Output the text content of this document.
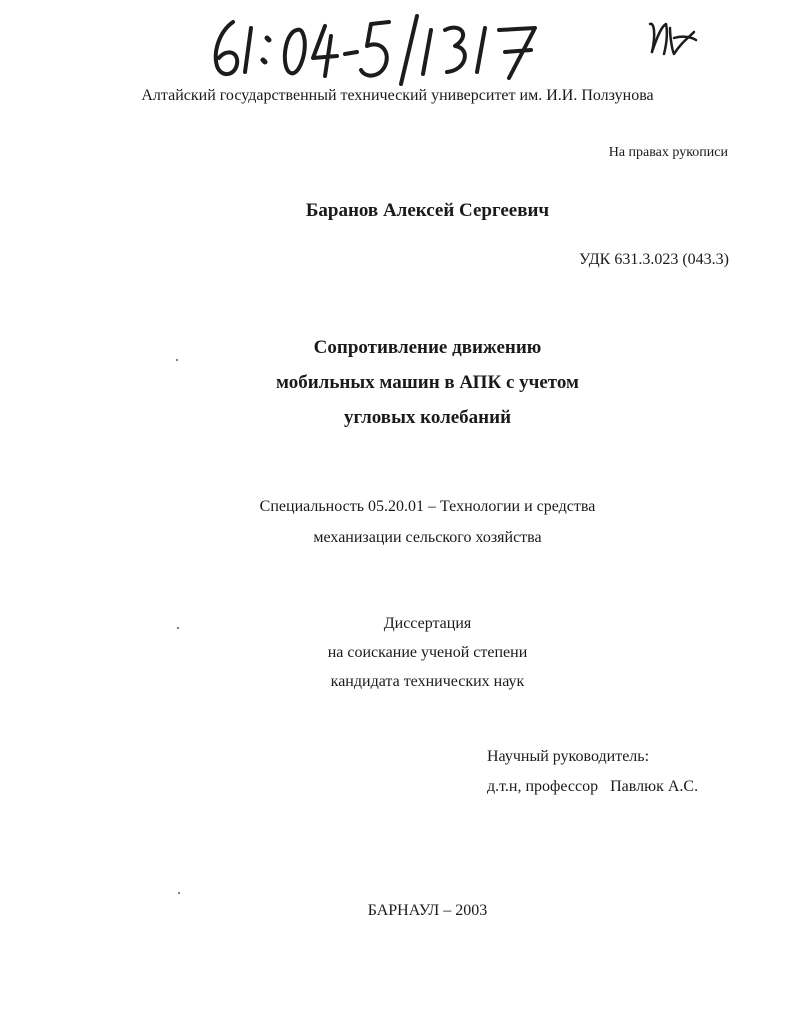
Алтайский государственный технический университет им. И.И. Ползунова
На правах рукописи
Баранов Алексей Сергеевич
УДК 631.3.023 (043.3)
Сопротивление движению
мобильных машин в АПК с учетом
угловых колебаний
Специальность 05.20.01 – Технологии и средства
механизации сельского хозяйства
Диссертация
на соискание ученой степени
кандидата технических наук
Научный руководитель:
д.т.н, профессор   Павлюк А.С.
БАРНАУЛ – 2003
